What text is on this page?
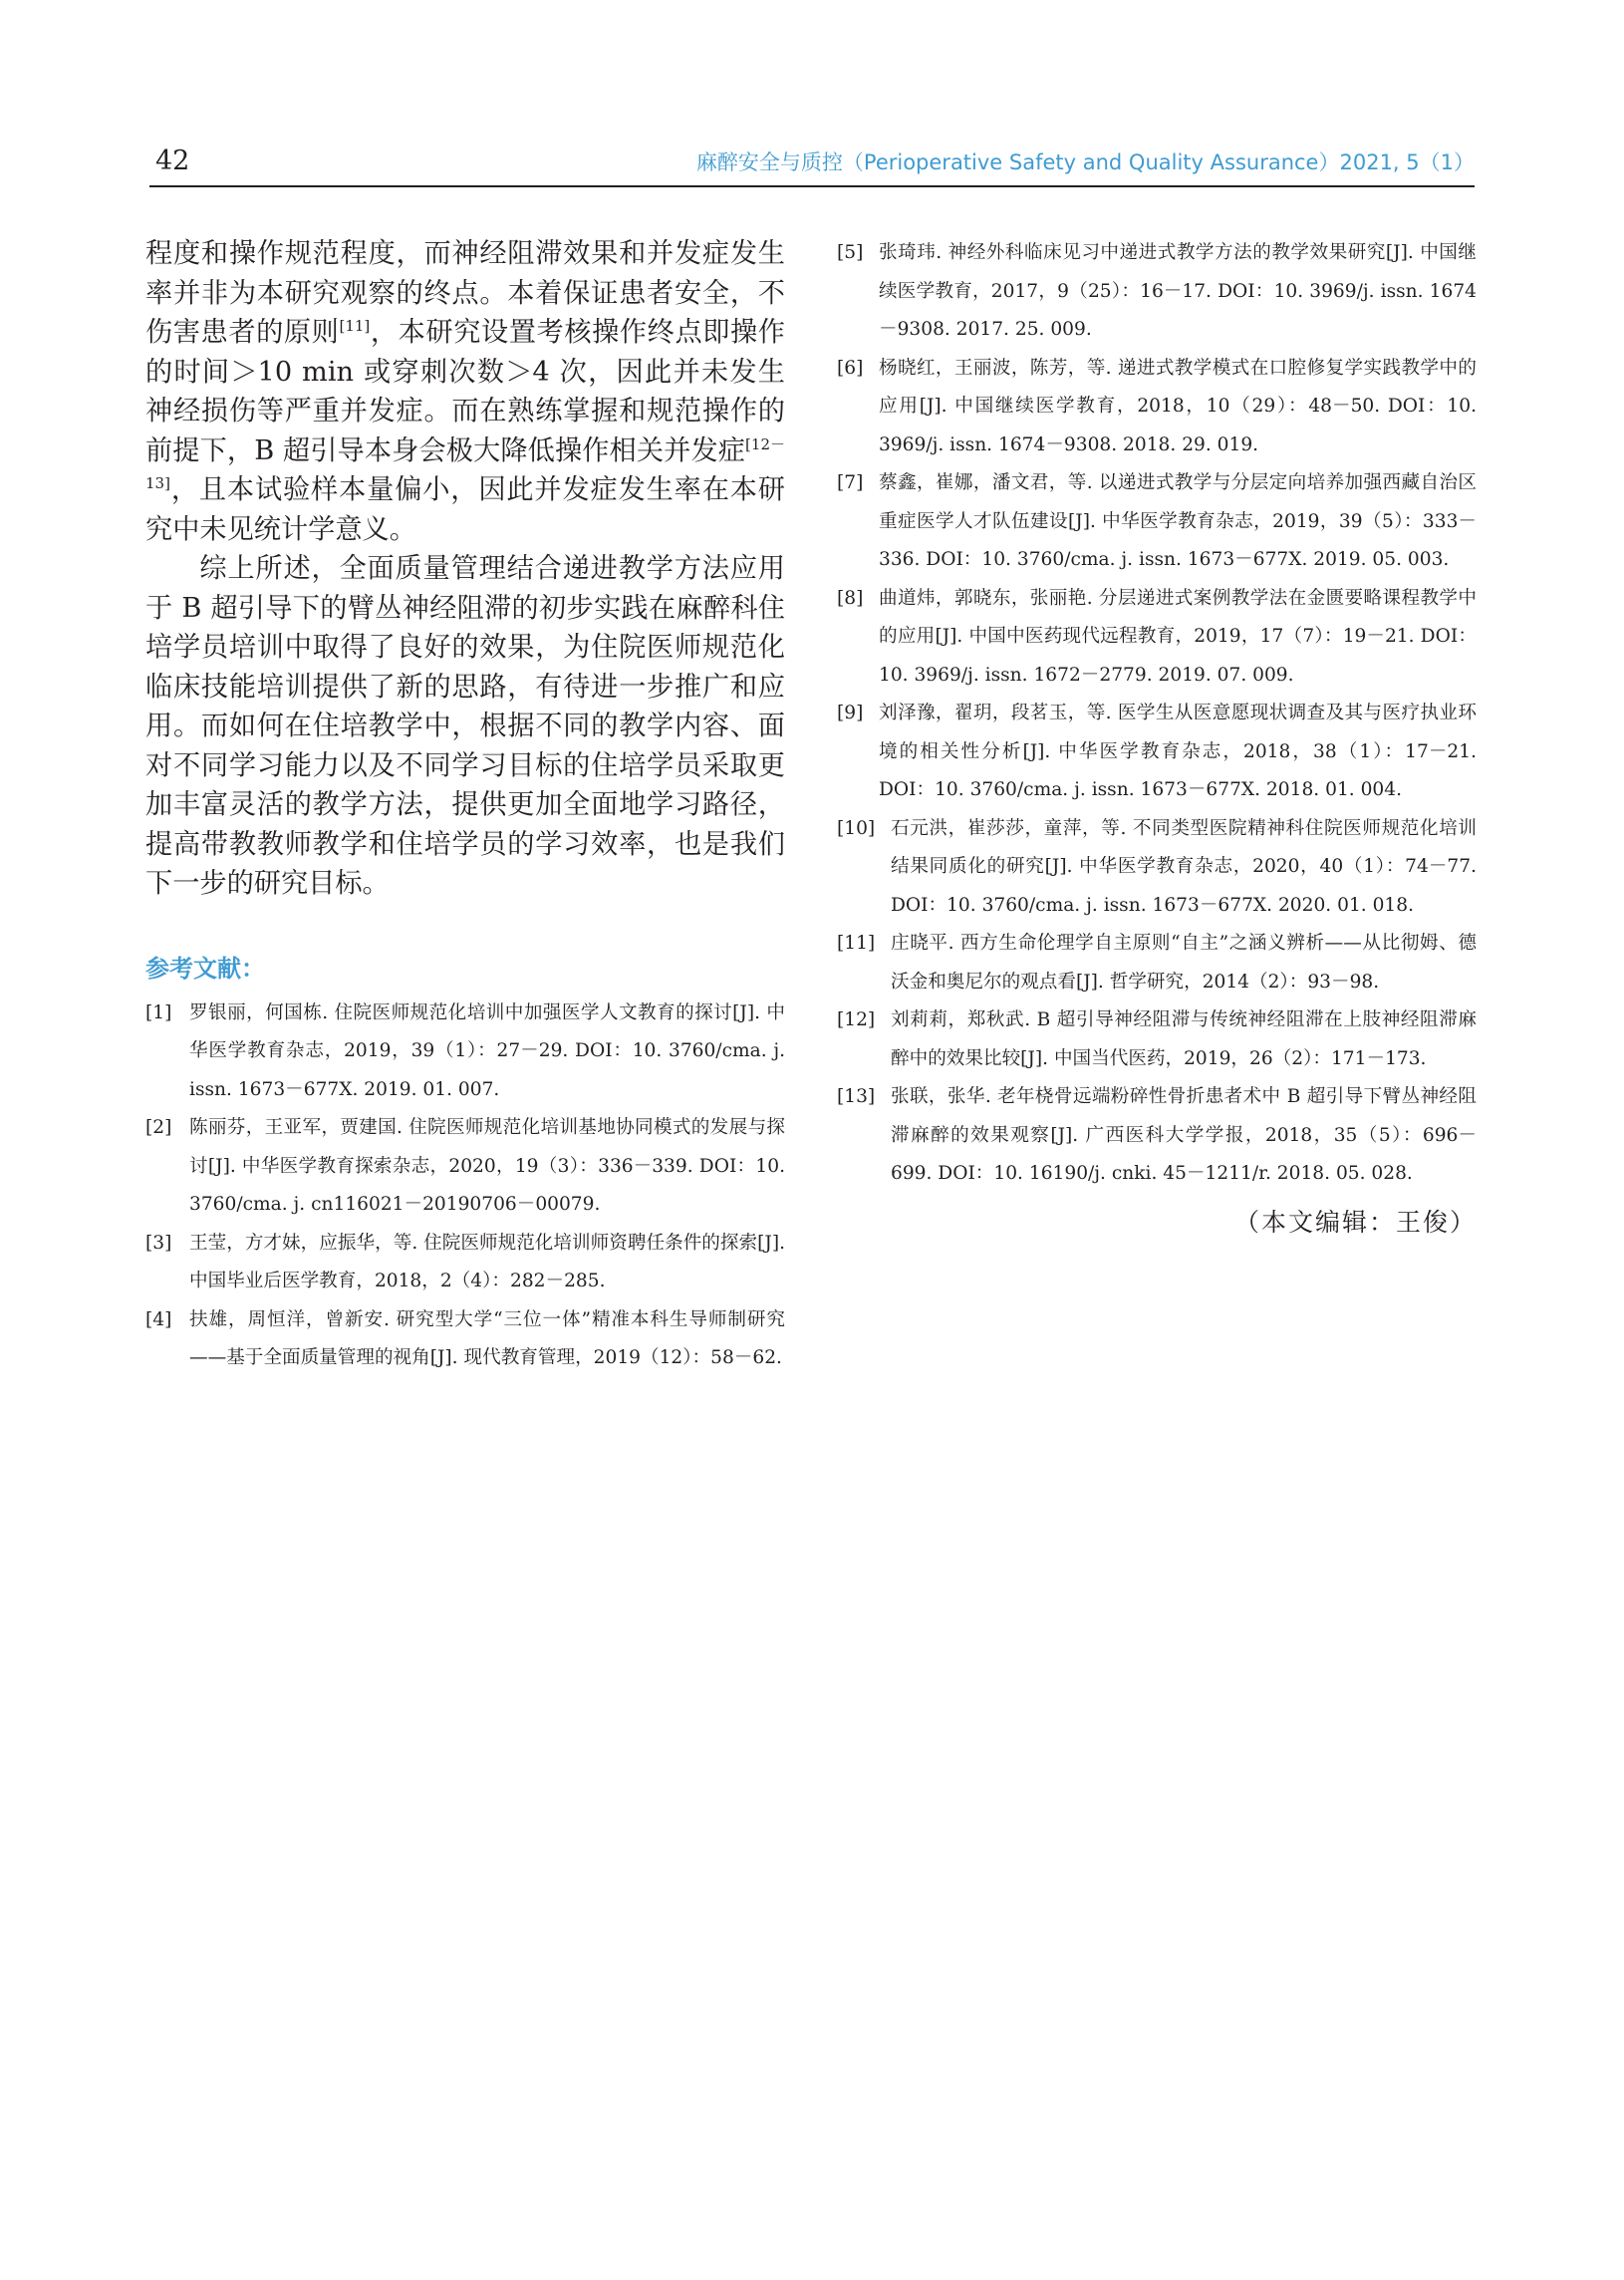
42	麻醉安全与质控（Perioperative Safety and Quality Assurance）2021, 5（1）

程度和操作规范程度，而神经阻滞效果和并发症发生率并非为本研究观察的终点。本着保证患者安全，不伤害患者的原则[11]，本研究设置考核操作终点即操作的时间＞10 min 或穿刺次数＞4 次，因此并未发生神经损伤等严重并发症。而在熟练掌握和规范操作的前提下，B 超引导本身会极大降低操作相关并发症[12－13]，且本试验样本量偏小，因此并发症发生率在本研究中未见统计学意义。

综上所述，全面质量管理结合递进教学方法应用于 B 超引导下的臂丛神经阻滞的初步实践在麻醉科住培学员培训中取得了良好的效果，为住院医师规范化临床技能培训提供了新的思路，有待进一步推广和应用。而如何在住培教学中，根据不同的教学内容、面对不同学习能力以及不同学习目标的住培学员采取更加丰富灵活的教学方法，提供更加全面地学习路径，提高带教教师教学和住培学员的学习效率，也是我们下一步的研究目标。

参考文献：
[1] 罗银丽，何国栋. 住院医师规范化培训中加强医学人文教育的探讨[J]. 中华医学教育杂志，2019，39（1）：27－29. DOI：10. 3760/cma. j. issn. 1673－677X. 2019. 01. 007.
[2] 陈丽芬，王亚军，贾建国. 住院医师规范化培训基地协同模式的发展与探讨[J]. 中华医学教育探索杂志，2020，19（3）：336－339. DOI：10. 3760/cma. j. cn116021－20190706－00079.
[3] 王莹，方才妹，应振华，等. 住院医师规范化培训师资聘任条件的探索[J]. 中国毕业后医学教育，2018，2（4）：282－285.
[4] 扶雄，周恒洋，曾新安. 研究型大学“三位一体”精准本科生导师制研究 ——基于全面质量管理的视角[J]. 现代教育管理，2019（12）：58－62.
[5] 张琦玮. 神经外科临床见习中递进式教学方法的教学效果研究[J]. 中国继续医学教育，2017，9（25）：16－17. DOI：10. 3969/j. issn. 1674－9308. 2017. 25. 009.
[6] 杨晓红，王丽波，陈芳，等. 递进式教学模式在口腔修复学实践教学中的应用[J]. 中国继续医学教育，2018，10（29）：48－50. DOI：10. 3969/j. issn. 1674－9308. 2018. 29. 019.
[7] 蔡鑫，崔娜，潘文君，等. 以递进式教学与分层定向培养加强西藏自治区重症医学人才队伍建设[J]. 中华医学教育杂志，2019，39（5）：333－336. DOI：10. 3760/cma. j. issn. 1673－677X. 2019. 05. 003.
[8] 曲道炜，郭晓东，张丽艳. 分层递进式案例教学法在金匮要略课程教学中的应用[J]. 中国中医药现代远程教育，2019，17（7）：19－21. DOI：10. 3969/j. issn. 1672－2779. 2019. 07. 009.
[9] 刘泽豫，翟玥，段茗玉，等. 医学生从医意愿现状调查及其与医疗执业环境的相关性分析[J]. 中华医学教育杂志，2018，38（1）：17－21. DOI：10. 3760/cma. j. issn. 1673－677X. 2018. 01. 004.
[10] 石元洪，崔莎莎，童萍，等. 不同类型医院精神科住院医师规范化培训结果同质化的研究[J]. 中华医学教育杂志，2020，40（1）：74－77. DOI：10. 3760/cma. j. issn. 1673－677X. 2020. 01. 018.
[11] 庄晓平. 西方生命伦理学自主原则“自主”之涵义辨析——从比彻姆、德沃金和奥尼尔的观点看[J]. 哲学研究，2014（2）：93－98.
[12] 刘莉莉，郑秋武. B 超引导神经阻滞与传统神经阻滞在上肢神经阻滞麻醉中的效果比较[J]. 中国当代医药，2019，26（2）：171－173.
[13] 张联，张华. 老年桡骨远端粉碎性骨折患者术中 B 超引导下臂丛神经阻滞麻醉的效果观察[J]. 广西医科大学学报，2018，35（5）：696－699. DOI：10. 16190/j. cnki. 45－1211/r. 2018. 05. 028.
（本文编辑：王俊）
